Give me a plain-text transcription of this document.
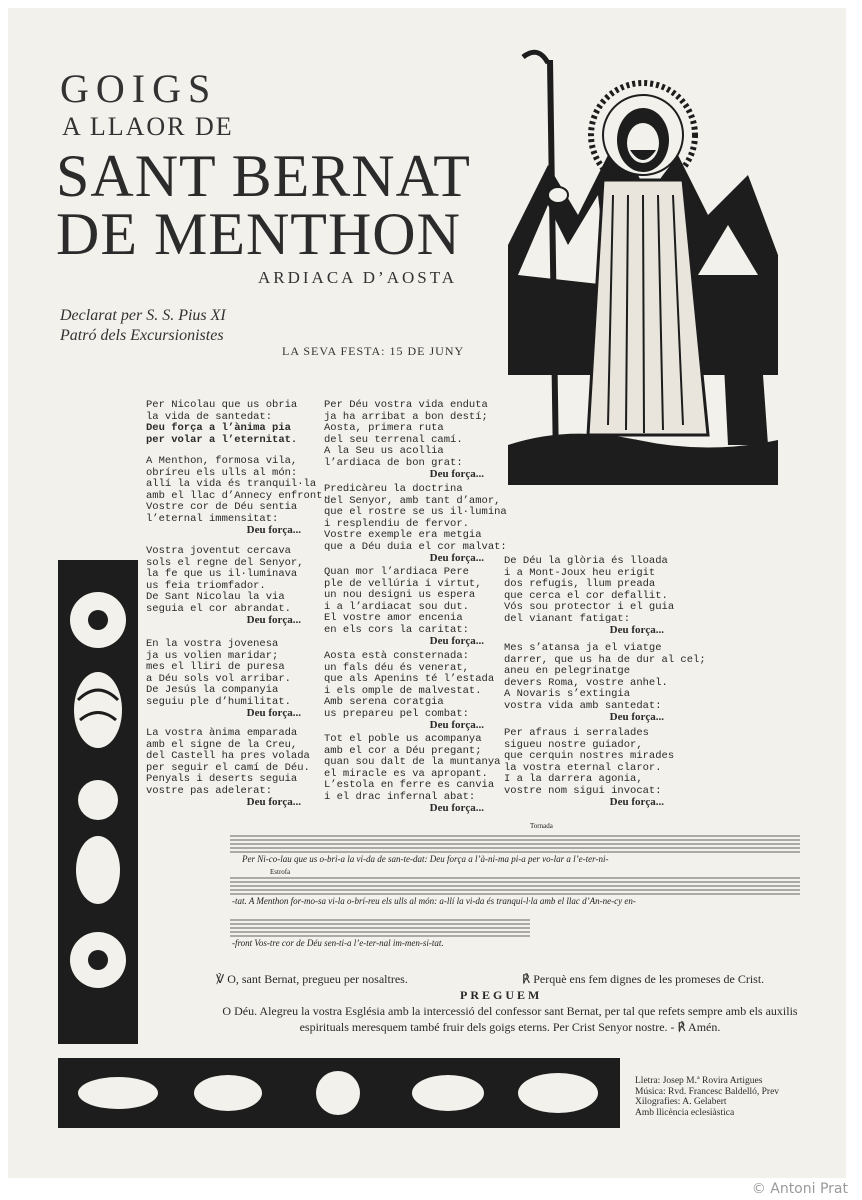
GOIGS
A LLAOR DE
SANT BERNAT
DE MENTHON
ARDIACA D’AOSTA
Declarat per S. S. Pius XI
Patró dels Excursionistes
LA SEVA FESTA: 15 DE JUNY
Per Nicolau que us obria
la vida de santedat:
Deu força a l’ànima pia
per volar a l’eternitat.
A Menthon, formosa vila,
obríreu els ulls al món:
allí la vida és tranquil·la
amb el llac d’Annecy enfront.
Vostre cor de Déu sentia
l’eternal immensitat:
Deu força...
Vostra joventut cercava
sols el regne del Senyor,
la fe que us il·luminava
us feia triomfador.
De Sant Nicolau la via
seguia el cor abrandat.
Deu força...
En la vostra jovenesa
ja us volien maridar;
mes el lliri de puresa
a Déu sols vol arribar.
De Jesús la companyia
seguiu ple d’humilitat.
Deu força...
La vostra ànima emparada
amb el signe de la Creu,
del Castell ha pres volada
per seguir el camí de Déu.
Penyals i deserts seguia
vostre pas adelerat:
Deu força...
Per Déu vostra vida enduta
ja ha arribat a bon destí;
Aosta, primera ruta
del seu terrenal camí.
A la Seu us acollia
l’ardiaca de bon grat:
Deu força...
Predicàreu la doctrina
del Senyor, amb tant d’amor,
que el rostre se us il·lumina
i resplendiu de fervor.
Vostre exemple era metgia
que a Déu duia el cor malvat:
Deu força...
Quan mor l’ardiaca Pere
ple de vellúria i virtut,
un nou designi us espera
i a l’ardiacat sou dut.
El vostre amor encenia
en els cors la caritat:
Deu força...
Aosta està consternada:
un fals déu és venerat,
que als Apenins té l’estada
i els omple de malvestat.
Amb serena coratgia
us prepareu pel combat:
Deu força...
Tot el poble us acompanya
amb el cor a Déu pregant;
quan sou dalt de la muntanya
el miracle es va apropant.
L’estola en ferre es canvia
i el drac infernal abat:
Deu força...
De Déu la glòria és lloada
i a Mont-Joux heu erigit
dos refugis, llum preada
que cerca el cor defallit.
Vós sou protector i el guia
del vianant fatigat:
Deu força...
Mes s’atansa ja el viatge
darrer, que us ha de dur al cel;
aneu en pelegrinatge
devers Roma, vostre anhel.
A Novaris s’extingia
vostra vida amb santedat:
Deu força...
Per afraus i serralades
sigueu nostre guiador,
que cerquin nostres mirades
la vostra eternal claror.
I a la darrera agonia,
vostre nom sigui invocat:
Deu força...
Per Ni-co-lau que us o-bri-a la vi-da de san-te-dat: Deu força a l’à-ni-ma pi-a per vo-lar a l’e-ter-ni-
-tat. A Menthon for-mo-sa vi-la o-brí-reu els ulls al món: a-llí la vi-da és tranqui-l·la amb el llac d’An-ne-cy en-
-front Vos-tre cor de Déu sen-ti-a l’e-ter-nal im-men-si-tat.
Tornada
Estrofa
℣ O, sant Bernat, pregueu per nosaltres.	℟ Perquè ens fem dignes de les promeses de Crist.
PREGUEM
O Déu. Alegreu la vostra Església amb la intercessió del confessor sant Bernat, per tal que refets sempre amb els auxilis espirituals meresquem també fruir dels goigs eterns. Per Crist Senyor nostre. - ℟ Amén.
Lletra: Josep M.ª Rovira Artigues
Música: Rvd. Francesc Baldelló, Prev
Xilografies: A. Gelabert
Amb llicència eclesiàstica
© Antoni Prat
